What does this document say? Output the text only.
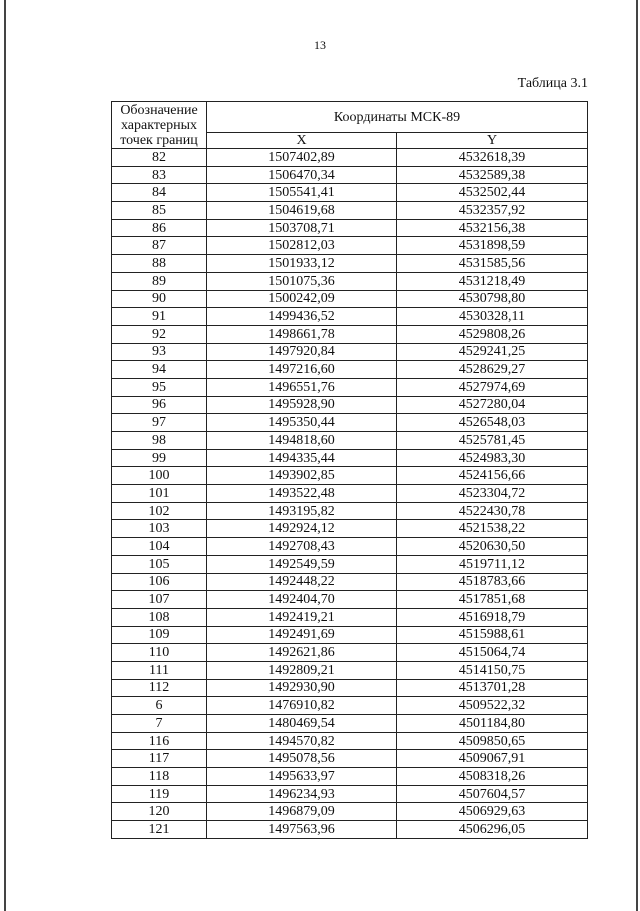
13
Таблица 3.1
Обозначение характерных точек границ	Координаты МСК-89	
	X	Y
82	1507402,89	4532618,39
83	1506470,34	4532589,38
84	1505541,41	4532502,44
85	1504619,68	4532357,92
86	1503708,71	4532156,38
87	1502812,03	4531898,59
88	1501933,12	4531585,56
89	1501075,36	4531218,49
90	1500242,09	4530798,80
91	1499436,52	4530328,11
92	1498661,78	4529808,26
93	1497920,84	4529241,25
94	1497216,60	4528629,27
95	1496551,76	4527974,69
96	1495928,90	4527280,04
97	1495350,44	4526548,03
98	1494818,60	4525781,45
99	1494335,44	4524983,30
100	1493902,85	4524156,66
101	1493522,48	4523304,72
102	1493195,82	4522430,78
103	1492924,12	4521538,22
104	1492708,43	4520630,50
105	1492549,59	4519711,12
106	1492448,22	4518783,66
107	1492404,70	4517851,68
108	1492419,21	4516918,79
109	1492491,69	4515988,61
110	1492621,86	4515064,74
111	1492809,21	4514150,75
112	1492930,90	4513701,28
6	1476910,82	4509522,32
7	1480469,54	4501184,80
116	1494570,82	4509850,65
117	1495078,56	4509067,91
118	1495633,97	4508318,26
119	1496234,93	4507604,57
120	1496879,09	4506929,63
121	1497563,96	4506296,05
